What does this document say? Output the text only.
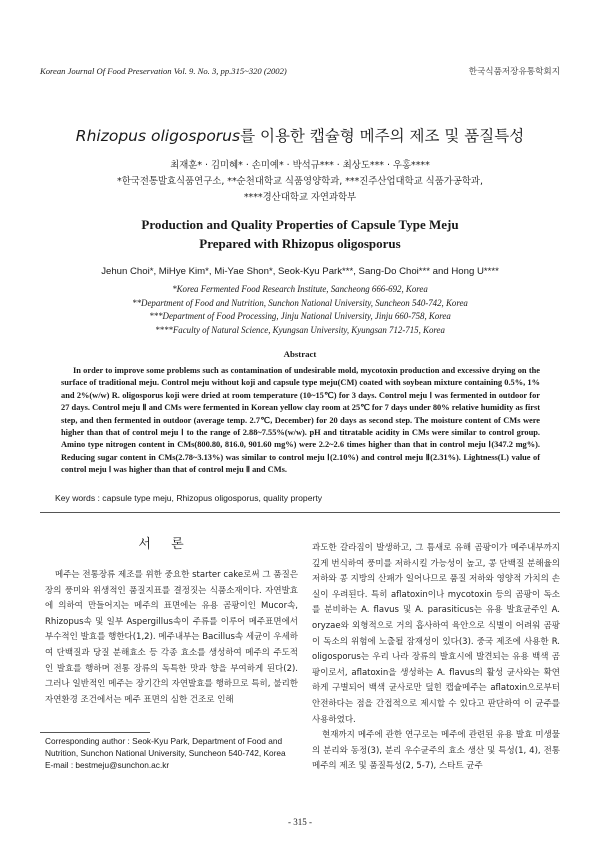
Korean Journal Of Food Preservation Vol. 9. No. 3, pp.315~320 (2002)	한국식품저장유통학회지
Rhizopus oligosporus를 이용한 캡슐형 메주의 제조 및 품질특성
최재훈* · 김미혜* · 손미예* · 박석규*** · 최상도*** · 우홍****
*한국전통발효식품연구소, **순천대학교 식품영양학과, ***진주산업대학교 식품가공학과,
****경산대학교 자연과학부
Production and Quality Properties of Capsule Type Meju
Prepared with Rhizopus oligosporus
Jehun Choi*, MiHye Kim*, Mi-Yae Shon*, Seok-Kyu Park***, Sang-Do Choi*** and Hong U****
*Korea Fermented Food Research Institute, Sancheong 666-692, Korea
**Department of Food and Nutrition, Sunchon National University, Suncheon 540-742, Korea
***Department of Food Processing, Jinju National University, Jinju 660-758, Korea
****Faculty of Natural Science, Kyungsan University, Kyungsan 712-715, Korea
Abstract
In order to improve some problems such as contamination of undesirable mold, mycotoxin production and excessive drying on the surface of traditional meju. Control meju without koji and capsule type meju(CM) coated with soybean mixture containing 0.5%, 1% and 2%(w/w) R. oligosporus koji were dried at room temperature (10~15℃) for 3 days. Control meju Ⅰ was fermented in outdoor for 27 days. Control meju Ⅱ and CMs were fermented in Korean yellow clay room at 25℃ for 7 days under 80% relative humidity as first step, and then fermented in outdoor (average temp. 2.7℃, December) for 20 days as second step. The moisture content of CMs were higher than that of control meju Ⅰ to the range of 2.88~7.55%(w/w). pH and titratable acidity in CMs were similar to control group. Amino type nitrogen content in CMs(800.80, 816.0, 901.60 mg%) were 2.2~2.6 times higher than that in control meju Ⅰ(347.2 mg%). Reducing sugar content in CMs(2.78~3.13%) was similar to control meju Ⅰ(2.10%) and control meju Ⅱ(2.31%). Lightness(L) value of control meju Ⅰ was higher than that of control meju Ⅱ and CMs.
Key words : capsule type meju, Rhizopus oligosporus, quality property
서 론
메주는 전통장류 제조를 위한 중요한 starter cake로써 그 품질은 장의 풍미와 위생적인 품질지표를 결정짓는 식품소재이다. 자연발효에 의하여 만들어지는 메주의 표면에는 유용 곰팡이인 Mucor속, Rhizopus속 및 일부 Aspergillus속이 주류를 이루어 메주표면에서 부수적인 발효를 행한다(1,2). 메주내부는 Bacillus속 세균이 우세하여 단백질과 당질 분해효소 등 각종 효소를 생성하여 메주의 주도적인 발효를 행하며 전통 장류의 독특한 맛과 향을 부여하게 된다(2). 그러나 일반적인 메주는 장기간의 자연발효를 행하므로 특히, 불리한 자연환경 조건에서는 메주 표면의 심한 건조로 인해
과도한 갈라짐이 발생하고, 그 틈새로 유해 곰팡이가 메주내부까지 깊게 번식하여 풍미를 저하시킬 가능성이 높고, 콩 단백질 분해율의 저하와 콩 지방의 산패가 일어나므로 품질 저하와 영양적 가치의 손실이 우려된다. 특히 aflatoxin이나 mycotoxin 등의 곰팡이 독소를 분비하는 A. flavus 및 A. parasiticus는 유용 발효균주인 A. oryzae와 외형적으로 거의 흡사하여 육안으로 식별이 어려워 곰팡이 독소의 위험에 노출될 잠재성이 있다(3). 중국 제조에 사용한 R. oligosporus는 우리 나라 장류의 발효시에 발견되는 유용 백색 곰팡이로서, aflatoxin을 생성하는 A. flavus의 활성 균사와는 확연하게 구별되어 백색 균사로만 덮힌 캡슐메주는 aflatoxin으로부터 안전하다는 점을 간접적으로 제시할 수 있다고 판단하여 이 균주를 사용하였다.
현재까지 메주에 관한 연구로는 메주에 관련된 유용 발효 미생물의 분리와 동정(3), 분리 우수균주의 효소 생산 및 특성(1, 4), 전통메주의 제조 및 품질특성(2, 5-7), 스타트 균주
Corresponding author : Seok-Kyu Park, Department of Food and
Nutrition, Sunchon National University, Suncheon 540-742, Korea
E-mail : bestmeju@sunchon.ac.kr
- 315 -
